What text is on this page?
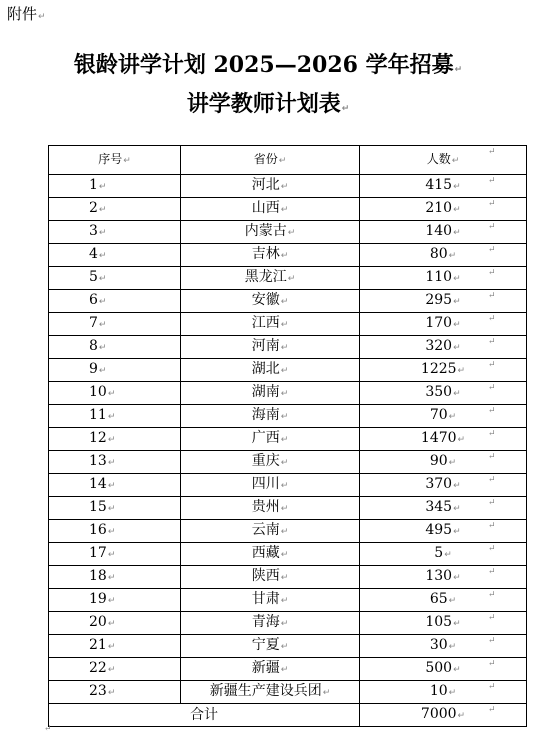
附件↵
银龄讲学计划 2025—2026 学年招募↵
讲学教师计划表↵
序号↵	省份↵	人数↵
1↵	河北↵	415↵
2↵	山西↵	210↵
3↵	内蒙古↵	140↵
4↵	吉林↵	80↵
5↵	黑龙江↵	110↵
6↵	安徽↵	295↵
7↵	江西↵	170↵
8↵	河南↵	320↵
9↵	湖北↵	1225↵
10↵	湖南↵	350↵
11↵	海南↵	70↵
12↵	广西↵	1470↵
13↵	重庆↵	90↵
14↵	四川↵	370↵
15↵	贵州↵	345↵
16↵	云南↵	495↵
17↵	西藏↵	5↵
18↵	陕西↵	130↵
19↵	甘肃↵	65↵
20↵	青海↵	105↵
21↵	宁夏↵	30↵
22↵	新疆↵	500↵
23↵	新疆生产建设兵团↵	10↵
合计		7000↵
↵
↵
↵
↵
↵
↵
↵
↵
↵
↵
↵
↵
↵
↵
↵
↵
↵
↵
↵
↵
↵
↵
↵
↵
↵
↵
